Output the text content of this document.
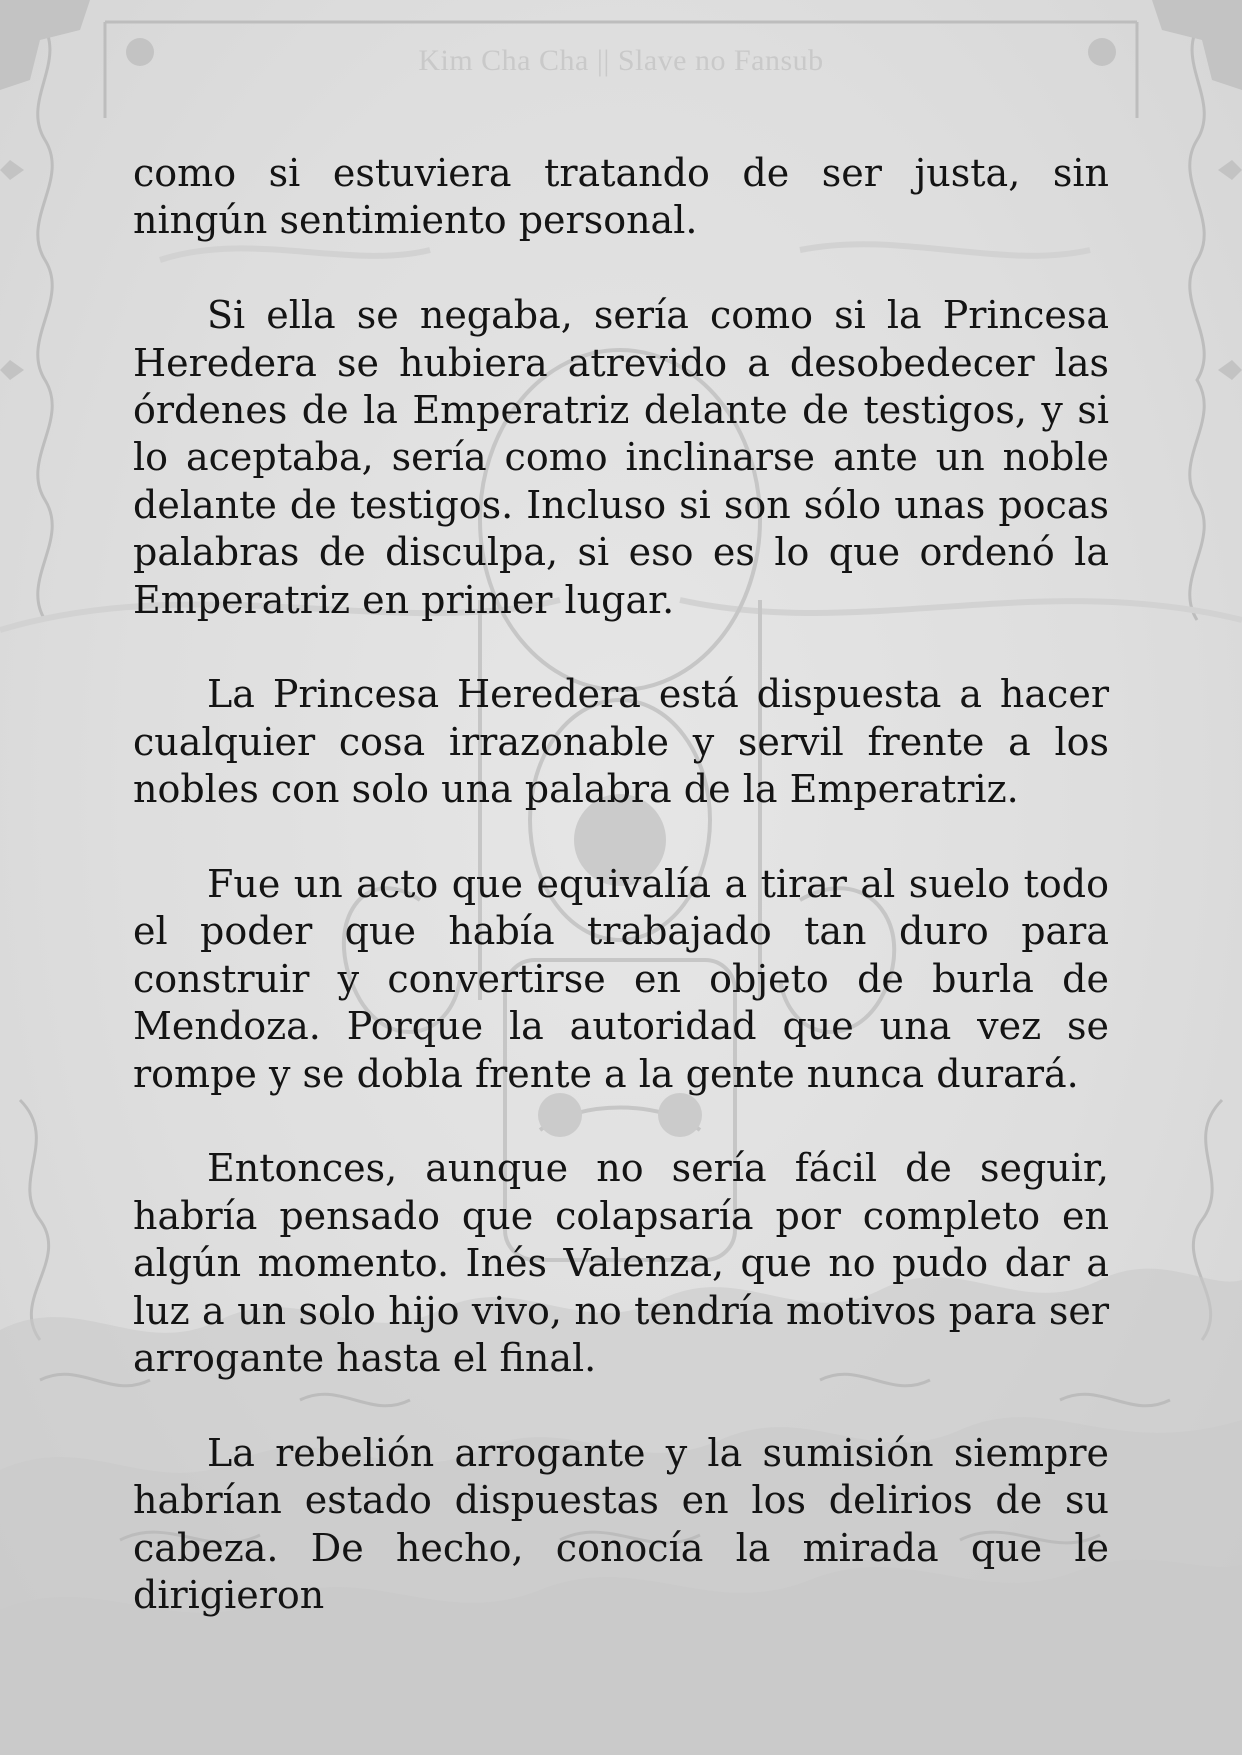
Kim Cha Cha || Slave no Fansub

como si estuviera tratando de ser justa, sin ningún sentimiento personal.

Si ella se negaba, sería como si la Princesa Heredera se hubiera atrevido a desobedecer las órdenes de la Emperatriz delante de testigos, y si lo aceptaba, sería como inclinarse ante un noble delante de testigos. Incluso si son sólo unas pocas palabras de disculpa, si eso es lo que ordenó la Emperatriz en primer lugar.

La Princesa Heredera está dispuesta a hacer cualquier cosa irrazonable y servil frente a los nobles con solo una palabra de la Emperatriz.

Fue un acto que equivalía a tirar al suelo todo el poder que había trabajado tan duro para construir y convertirse en objeto de burla de Mendoza. Porque la autoridad que una vez se rompe y se dobla frente a la gente nunca durará.

Entonces, aunque no sería fácil de seguir, habría pensado que colapsaría por completo en algún momento. Inés Valenza, que no pudo dar a luz a un solo hijo vivo, no tendría motivos para ser arrogante hasta el final.

La rebelión arrogante y la sumisión siempre habrían estado dispuestas en los delirios de su cabeza. De hecho, conocía la mirada que le dirigieron
